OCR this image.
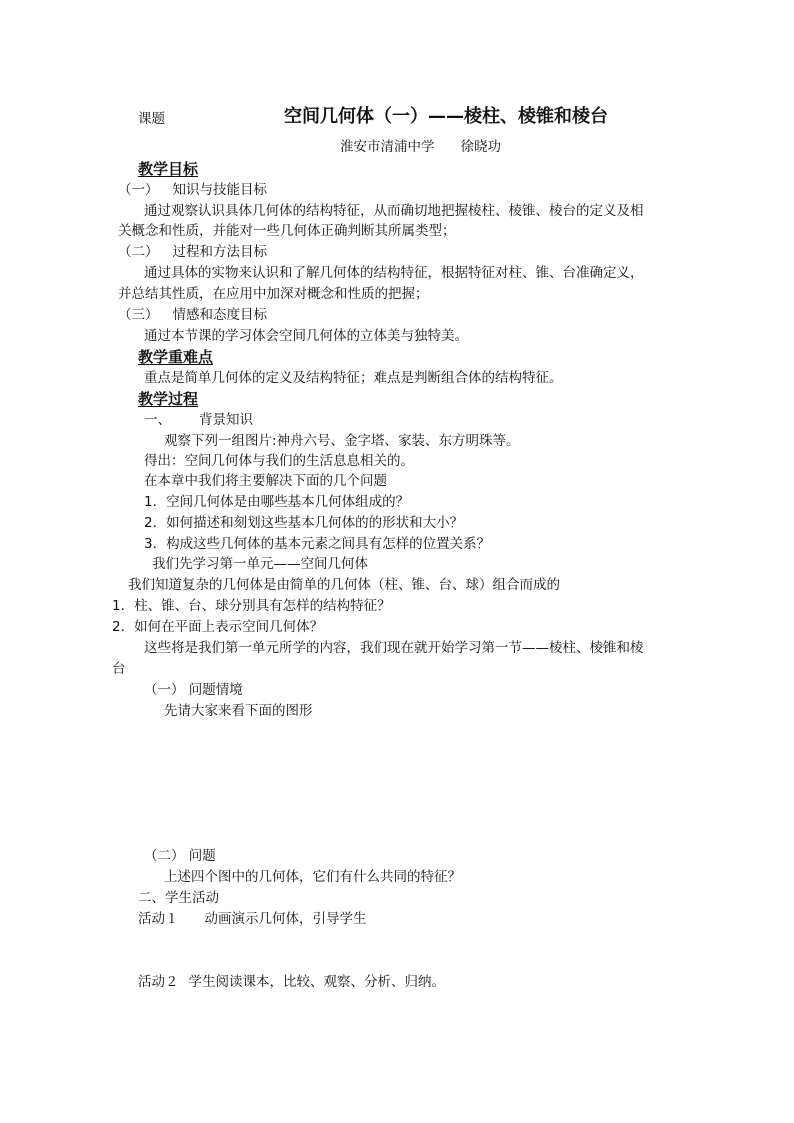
课题	空间几何体（一）——棱柱、棱锥和棱台
淮安市清浦中学 徐晓功
教学目标
（一） 知识与技能目标
通过观察认识具体几何体的结构特征，从而确切地把握棱柱、棱锥、棱台的定义及相
关概念和性质，并能对一些几何体正确判断其所属类型；
（二） 过程和方法目标
通过具体的实物来认识和了解几何体的结构特征，根据特征对柱、锥、台准确定义，
并总结其性质，在应用中加深对概念和性质的把握；
（三） 情感和态度目标
通过本节课的学习体会空间几何体的立体美与独特美。
教学重难点
重点是简单几何体的定义及结构特征；难点是判断组合体的结构特征。
教学过程
一、 背景知识
观察下列一组图片:神舟六号、金字塔、家装、东方明珠等。
得出：空间几何体与我们的生活息息相关的。
在本章中我们将主要解决下面的几个问题
1．空间几何体是由哪些基本几何体组成的？
2．如何描述和刻划这些基本几何体的的形状和大小？
3．构成这些几何体的基本元素之间具有怎样的位置关系？
我们先学习第一单元——空间几何体
我们知道复杂的几何体是由简单的几何体（柱、锥、台、球）组合而成的
1．柱、锥、台、球分别具有怎样的结构特征？
2．如何在平面上表示空间几何体？
这些将是我们第一单元所学的内容，我们现在就开始学习第一节——棱柱、棱锥和棱
台
（一） 问题情境
先请大家来看下面的图形
（二） 问题
上述四个图中的几何体，它们有什么共同的特征？
二、学生活动
活动１ 动画演示几何体，引导学生
活动２ 学生阅读课本，比较、观察、分析、归纳。
